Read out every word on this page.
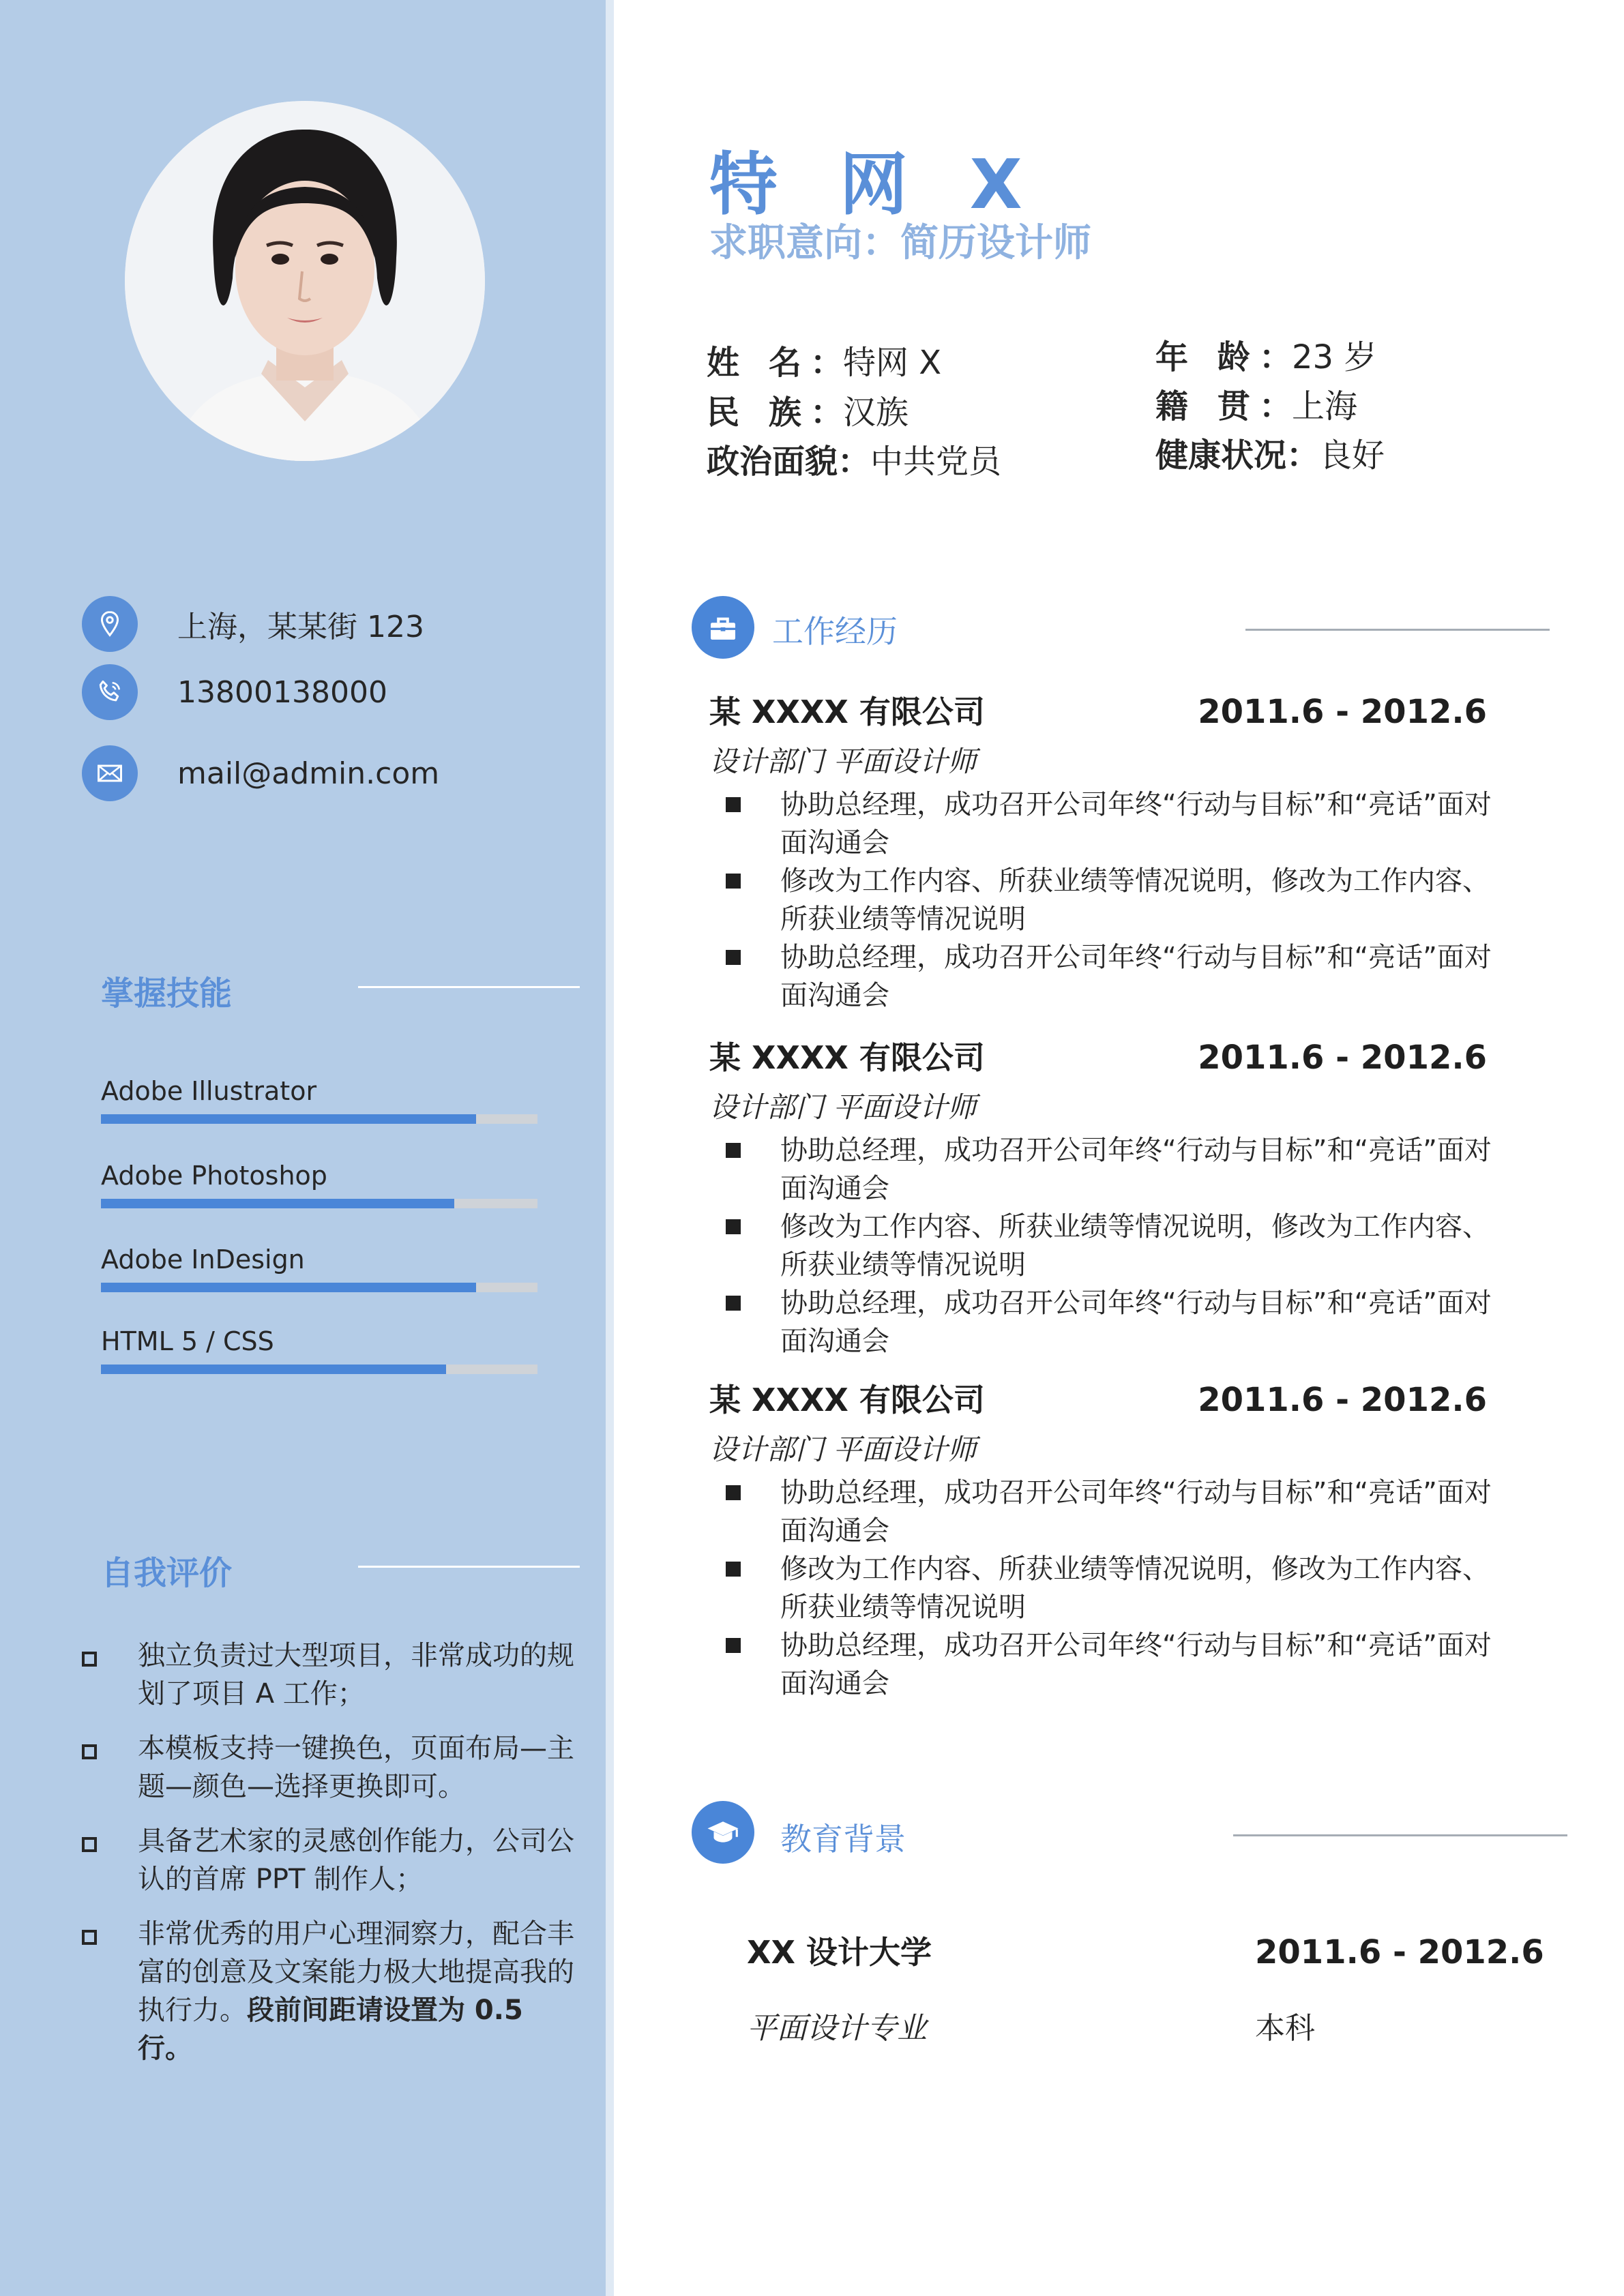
上海，某某街 123
13800138000
mail@admin.com
掌握技能
Adobe Illustrator
Adobe Photoshop
Adobe InDesign
HTML 5 / CSS
自我评价
独立负责过大型项目，非常成功的规划了项目 A 工作；
本模板支持一键换色，页面布局—主题—颜色—选择更换即可。
具备艺术家的灵感创作能力，公司公认的首席 PPT 制作人；
非常优秀的用户心理洞察力，配合丰富的创意及文案能力极大地提高我的执行力。段前间距请设置为 0.5 行。
特 网 X
求职意向：简历设计师
姓 名：特网 X
民 族：汉族
政治面貌：中共党员
年 龄：23 岁
籍 贯：上海
健康状况：良好
工作经历
某 XXXX 有限公司	2011.6 - 2012.6
设计部门 平面设计师
协助总经理，成功召开公司年终“行动与目标”和“亮话”面对面沟通会
修改为工作内容、所获业绩等情况说明，修改为工作内容、所获业绩等情况说明
协助总经理，成功召开公司年终“行动与目标”和“亮话”面对面沟通会
某 XXXX 有限公司	2011.6 - 2012.6
设计部门 平面设计师
协助总经理，成功召开公司年终“行动与目标”和“亮话”面对面沟通会
修改为工作内容、所获业绩等情况说明，修改为工作内容、所获业绩等情况说明
协助总经理，成功召开公司年终“行动与目标”和“亮话”面对面沟通会
某 XXXX 有限公司	2011.6 - 2012.6
设计部门 平面设计师
协助总经理，成功召开公司年终“行动与目标”和“亮话”面对面沟通会
修改为工作内容、所获业绩等情况说明，修改为工作内容、所获业绩等情况说明
协助总经理，成功召开公司年终“行动与目标”和“亮话”面对面沟通会
教育背景
XX 设计大学	2011.6 - 2012.6
平面设计专业	本科
